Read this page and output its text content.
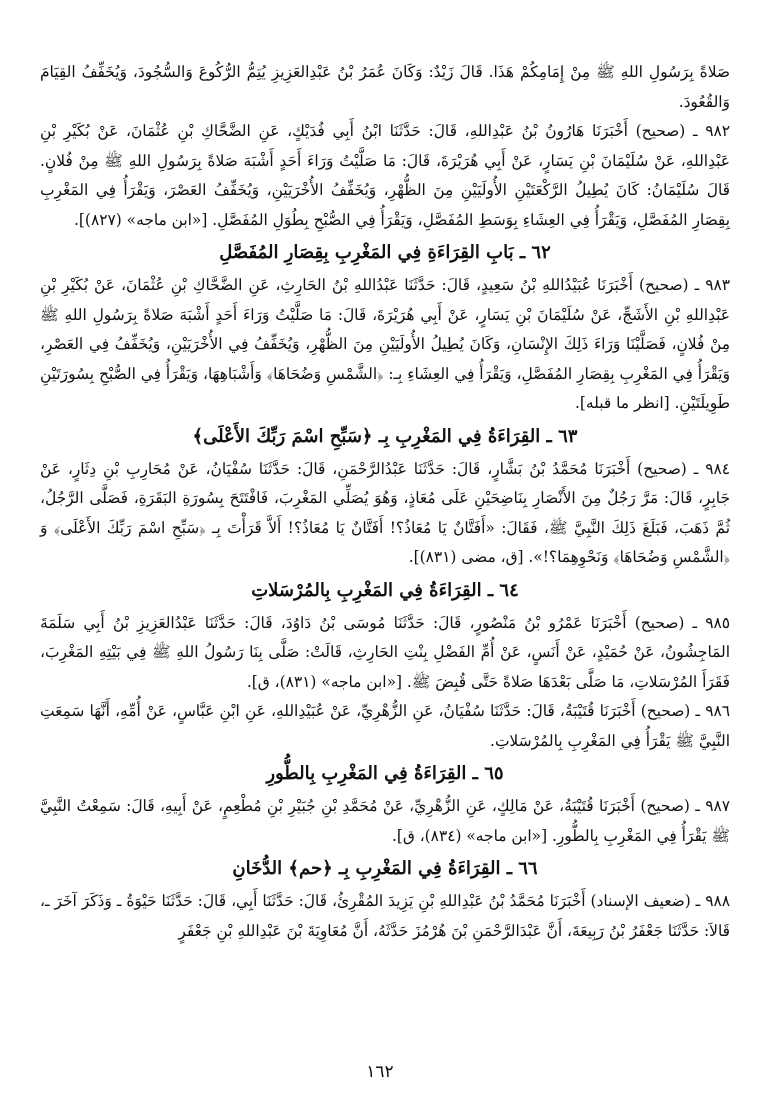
صَلاةً بِرَسُولِ اللهِ ﷺ مِنْ إِمَامِكُمْ هَذَا. قَالَ زَيْدٌ: وَكَانَ عُمَرُ بْنُ عَبْدِالعَزِيزِ يُتِمُّ الرُّكُوعَ وَالسُّجُودَ، وَيُخَفِّفُ القِيَامَ وَالقُعُودَ.

٩٨٢ ـ (صحيح) أَخْبَرَنَا هَارُونُ بْنُ عَبْدِاللهِ، قَالَ: حَدَّثَنَا ابْنُ أَبِي فُدَيْكٍ، عَنِ الضَّحَّاكِ بْنِ عُثْمَانَ، عَنْ بُكَيْرِ بْنِ عَبْدِاللهِ، عَنْ سُلَيْمَانَ بْنِ يَسَارٍ، عَنْ أَبِي هُرَيْرَةَ، قَالَ: مَا صَلَّيْتُ وَرَاءَ أَحَدٍ أَشْبَهَ صَلاةً بِرَسُولِ اللهِ ﷺ مِنْ فُلانٍ. قَالَ سُلَيْمَانُ: كَانَ يُطِيلُ الرَّكْعَتَيْنِ الأُولَيَيْنِ مِنَ الظُّهْرِ، وَيُخَفِّفُ الأُخْرَيَيْنِ، وَيُخَفِّفُ العَصْرَ، وَيَقْرَأُ فِي المَغْرِبِ بِقِصَارِ المُفَصَّلِ، وَيَقْرَأُ فِي العِشَاءِ بِوَسَطِ المُفَصَّلِ، وَيَقْرَأُ فِي الصُّبْحِ بِطُوَلِ المُفَصَّلِ. [«ابن ماجه» (٨٢٧)].

٦٢ ـ بَابِ القِرَاءَةِ فِي المَغْرِبِ بِقِصَارِ المُفَصَّلِ

٩٨٣ ـ (صحيح) أَخْبَرَنَا عُبَيْدُاللهِ بْنُ سَعِيدٍ، قَالَ: حَدَّثَنَا عَبْدُاللهِ بْنُ الحَارِثِ، عَنِ الضَّحَّاكِ بْنِ عُثْمَانَ، عَنْ بُكَيْرِ بْنِ عَبْدِاللهِ بْنِ الأَشَجِّ، عَنْ سُلَيْمَانَ بْنِ يَسَارٍ، عَنْ أَبِي هُرَيْرَةَ، قَالَ: مَا صَلَّيْتُ وَرَاءَ أَحَدٍ أَشْبَهَ صَلاةً بِرَسُولِ اللهِ ﷺ مِنْ فُلانٍ، فَصَلَّيْنَا وَرَاءَ ذَلِكَ الإِنْسَانِ، وَكَانَ يُطِيلُ الأُولَيَيْنِ مِنَ الظُّهْرِ، وَيُخَفِّفُ فِي الأُخْرَيَيْنِ، وَيُخَفِّفُ فِي العَصْرِ، وَيَقْرَأُ فِي المَغْرِبِ بِقِصَارِ المُفَصَّلِ، وَيَقْرَأُ فِي العِشَاءِ بِـ: ﴿الشَّمْسِ وَضُحَاهَا﴾ وَأَشْبَاهِهَا، وَيَقْرَأُ فِي الصُّبْحِ بِسُورَتَيْنِ طَوِيلَتَيْنِ. [انظر ما قبله].

٦٣ ـ القِرَاءَةُ فِي المَغْرِبِ بِـ ﴿سَبِّحِ اسْمَ رَبِّكَ الأَعْلَى﴾

٩٨٤ ـ (صحيح) أَخْبَرَنَا مُحَمَّدُ بْنُ بَشَّارٍ، قَالَ: حَدَّثَنَا عَبْدُالرَّحْمَنِ، قَالَ: حَدَّثَنَا سُفْيَانُ، عَنْ مُحَارِبِ بْنِ دِثَارٍ، عَنْ جَابِرٍ، قَالَ: مَرَّ رَجُلٌ مِنَ الأَنْصَارِ بِنَاضِحَيْنِ عَلَى مُعَاذٍ، وَهُوَ يُصَلِّي المَغْرِبَ، فَافْتَتَحَ بِسُورَةِ البَقَرَةِ، فَصَلَّى الرَّجُلُ، ثُمَّ ذَهَبَ، فَبَلَغَ ذَلِكَ النَّبِيَّ ﷺ، فَقَالَ: «أَفَتَّانٌ يَا مُعَاذُ؟! أَفَتَّانٌ يَا مُعَاذُ؟! أَلاَّ قَرَأْتَ بِـ ﴿سَبِّحِ اسْمَ رَبِّكَ الأَعْلَى﴾ وَ ﴿الشَّمْسِ وَضُحَاهَا﴾ وَنَحْوِهِمَا؟!». [ق، مضى (٨٣١)].

٦٤ ـ القِرَاءَةُ فِي المَغْرِبِ بِالمُرْسَلاتِ

٩٨٥ ـ (صحيح) أَخْبَرَنَا عَمْرُو بْنُ مَنْصُورٍ، قَالَ: حَدَّثَنَا مُوسَى بْنُ دَاوُدَ، قَالَ: حَدَّثَنَا عَبْدُالعَزِيزِ بْنُ أَبِي سَلَمَةَ المَاجِشُونُ، عَنْ حُمَيْدٍ، عَنْ أَنَسٍ، عَنْ أُمِّ الفَضْلِ بِنْتِ الحَارِثِ، قَالَتْ: صَلَّى بِنَا رَسُولُ اللهِ ﷺ فِي بَيْتِهِ المَغْرِبَ، فَقَرَأَ المُرْسَلاتِ، مَا صَلَّى بَعْدَهَا صَلاةً حَتَّى قُبِضَ ﷺ. [«ابن ماجه» (٨٣١)، ق].

٩٨٦ ـ (صحيح) أَخْبَرَنَا قُتَيْبَةُ، قَالَ: حَدَّثَنَا سُفْيَانُ، عَنِ الزُّهْرِيِّ، عَنْ عُبَيْدِاللهِ، عَنِ ابْنِ عَبَّاسٍ، عَنْ أُمِّهِ، أَنَّهَا سَمِعَتِ النَّبِيَّ ﷺ يَقْرَأُ فِي المَغْرِبِ بِالمُرْسَلاتِ.

٦٥ ـ القِرَاءَةُ فِي المَغْرِبِ بِالطُّورِ

٩٨٧ ـ (صحيح) أَخْبَرَنَا قُتَيْبَةُ، عَنْ مَالِكٍ، عَنِ الزُّهْرِيِّ، عَنْ مُحَمَّدِ بْنِ جُبَيْرِ بْنِ مُطْعِمٍ، عَنْ أَبِيهِ، قَالَ: سَمِعْتُ النَّبِيَّ ﷺ يَقْرَأُ فِي المَغْرِبِ بِالطُّورِ. [«ابن ماجه» (٨٣٤)، ق].

٦٦ ـ القِرَاءَةُ فِي المَغْرِبِ بِـ ﴿حم﴾ الدُّخَانِ

٩٨٨ ـ (ضعيف الإسناد) أَخْبَرَنَا مُحَمَّدُ بْنُ عَبْدِاللهِ بْنِ يَزِيدَ المُقْرِئُ، قَالَ: حَدَّثَنَا أَبِي، قَالَ: حَدَّثَنَا حَيْوَةُ ـ وَذَكَرَ آخَرَ ـ، قَالاَ: حَدَّثَنَا جَعْفَرُ بْنُ رَبِيعَةَ، أَنَّ عَبْدَالرَّحْمَنِ بْنَ هُرْمُزَ حَدَّثَهُ، أَنَّ مُعَاوِيَةَ بْنَ عَبْدِاللهِ بْنِ جَعْفَرٍ

١٦٢
